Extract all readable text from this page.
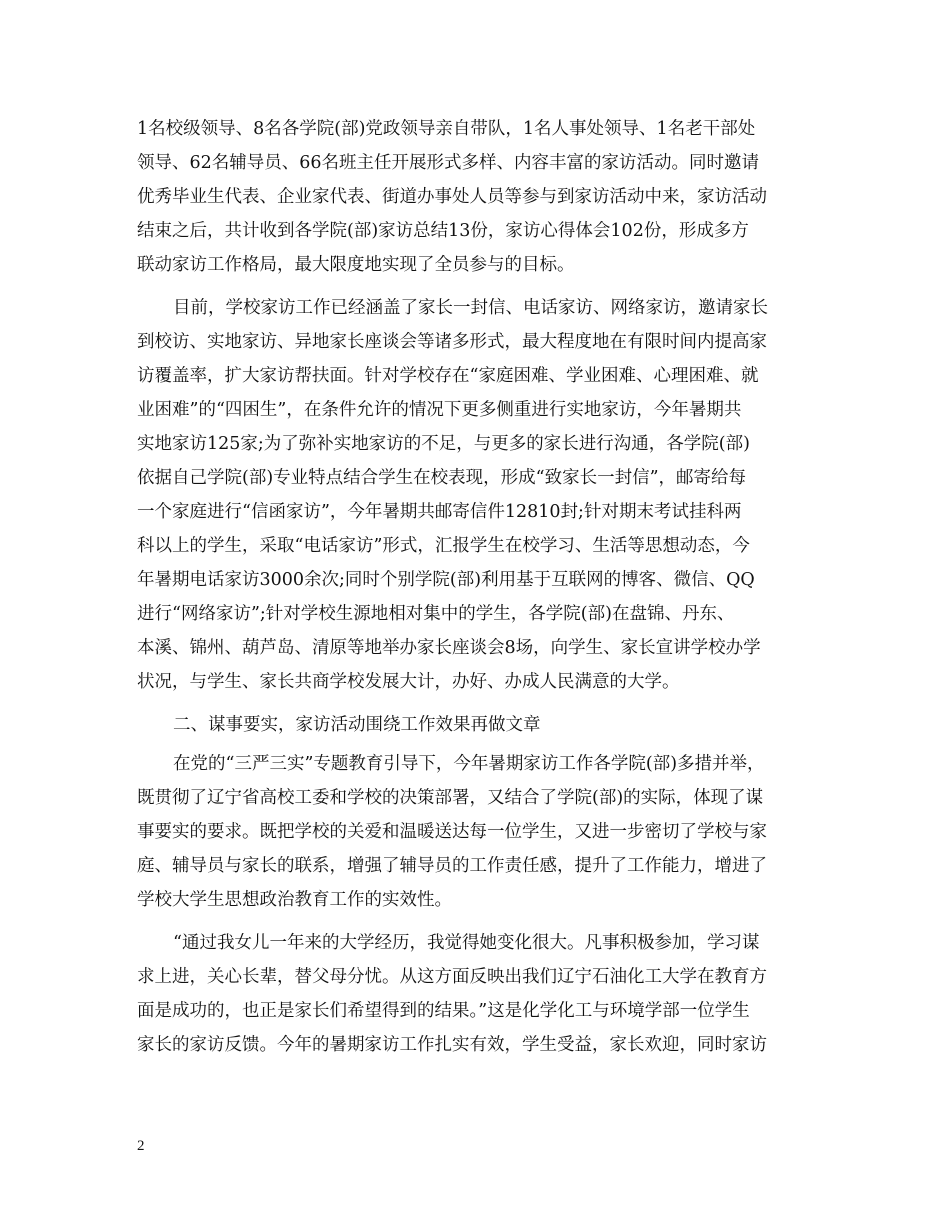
1名校级领导、8名各学院(部)党政领导亲自带队，1名人事处领导、1名老干部处
领导、62名辅导员、66名班主任开展形式多样、内容丰富的家访活动。同时邀请
优秀毕业生代表、企业家代表、街道办事处人员等参与到家访活动中来，家访活动
结束之后，共计收到各学院(部)家访总结13份，家访心得体会102份，形成多方
联动家访工作格局，最大限度地实现了全员参与的目标。
目前，学校家访工作已经涵盖了家长一封信、电话家访、网络家访，邀请家长
到校访、实地家访、异地家长座谈会等诸多形式，最大程度地在有限时间内提高家
访覆盖率，扩大家访帮扶面。针对学校存在“家庭困难、学业困难、心理困难、就
业困难”的“四困生”，在条件允许的情况下更多侧重进行实地家访，今年暑期共
实地家访125家;为了弥补实地家访的不足，与更多的家长进行沟通，各学院(部)
依据自己学院(部)专业特点结合学生在校表现，形成“致家长一封信”，邮寄给每
一个家庭进行“信函家访”，今年暑期共邮寄信件12810封;针对期末考试挂科两
科以上的学生，采取“电话家访”形式，汇报学生在校学习、生活等思想动态，今
年暑期电话家访3000余次;同时个别学院(部)利用基于互联网的博客、微信、QQ
进行“网络家访”;针对学校生源地相对集中的学生，各学院(部)在盘锦、丹东、
本溪、锦州、葫芦岛、清原等地举办家长座谈会8场，向学生、家长宣讲学校办学
状况，与学生、家长共商学校发展大计，办好、办成人民满意的大学。
二、谋事要实，家访活动围绕工作效果再做文章
在党的“三严三实”专题教育引导下，今年暑期家访工作各学院(部)多措并举，
既贯彻了辽宁省高校工委和学校的决策部署，又结合了学院(部)的实际，体现了谋
事要实的要求。既把学校的关爱和温暖送达每一位学生，又进一步密切了学校与家
庭、辅导员与家长的联系，增强了辅导员的工作责任感，提升了工作能力，增进了
学校大学生思想政治教育工作的实效性。
“通过我女儿一年来的大学经历，我觉得她变化很大。凡事积极参加，学习谋
求上进，关心长辈，替父母分忧。从这方面反映出我们辽宁石油化工大学在教育方
面是成功的，也正是家长们希望得到的结果。”这是化学化工与环境学部一位学生
家长的家访反馈。今年的暑期家访工作扎实有效，学生受益，家长欢迎，同时家访
2
